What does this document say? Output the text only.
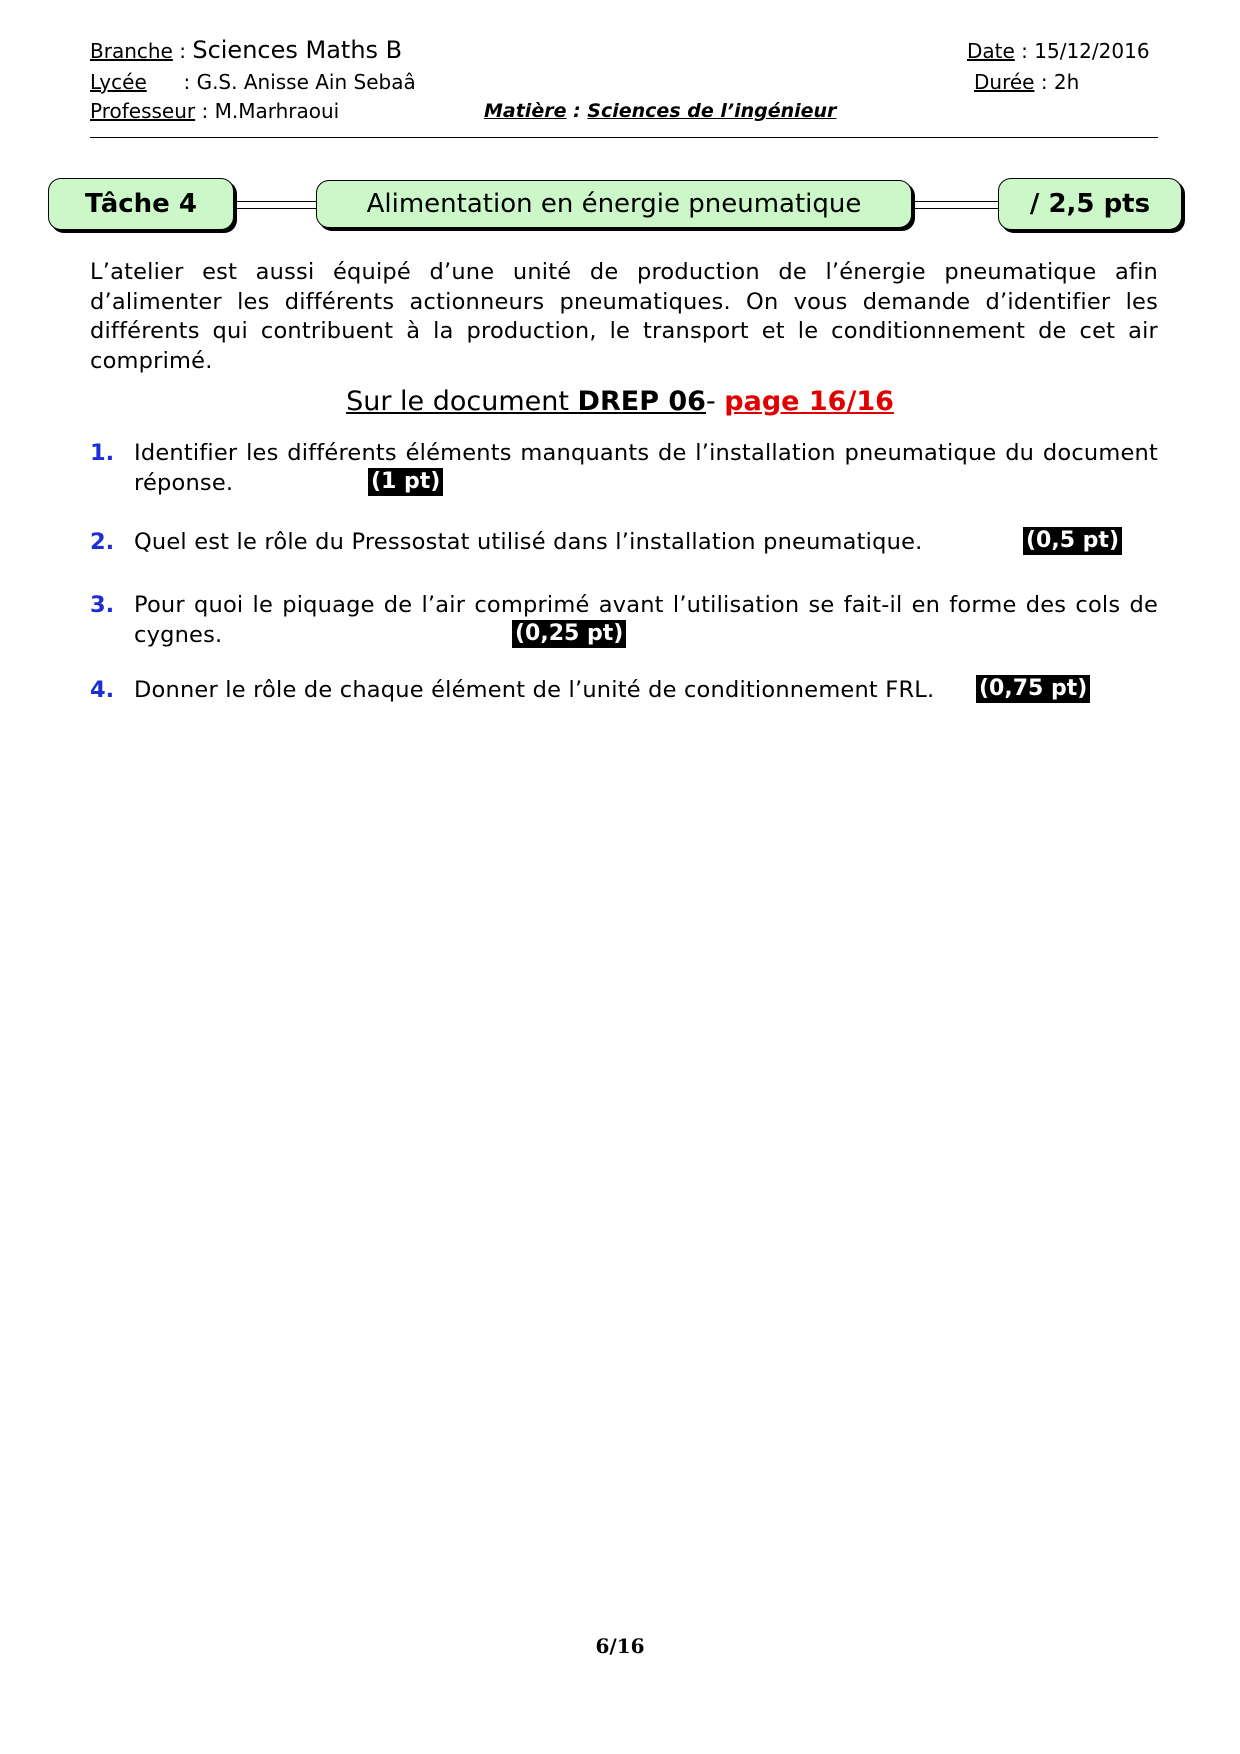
Branche : Sciences Maths B
Lycée : G.S. Anisse Ain Sebaâ
Professeur : M.Marhraoui
Date : 15/12/2016
Durée : 2h
Matière : Sciences de l’ingénieur
Tâche 4	Alimentation en énergie pneumatique	/ 2,5 pts
L’atelier est aussi équipé d’une unité de production de l’énergie pneumatique afin d’alimenter les différents actionneurs pneumatiques. On vous demande d’identifier les différents qui contribuent à la production, le transport et le conditionnement de cet air comprimé.
Sur le document DREP 06- page 16/16
1. Identifier les différents éléments manquants de l’installation pneumatique du document réponse.	(1 pt)
2. Quel est le rôle du Pressostat utilisé dans l’installation pneumatique.	(0,5 pt)
3. Pour quoi le piquage de l’air comprimé avant l’utilisation se fait-il en forme des cols de cygnes.	(0,25 pt)
4. Donner le rôle de chaque élément de l’unité de conditionnement FRL.	(0,75 pt)
6/16
